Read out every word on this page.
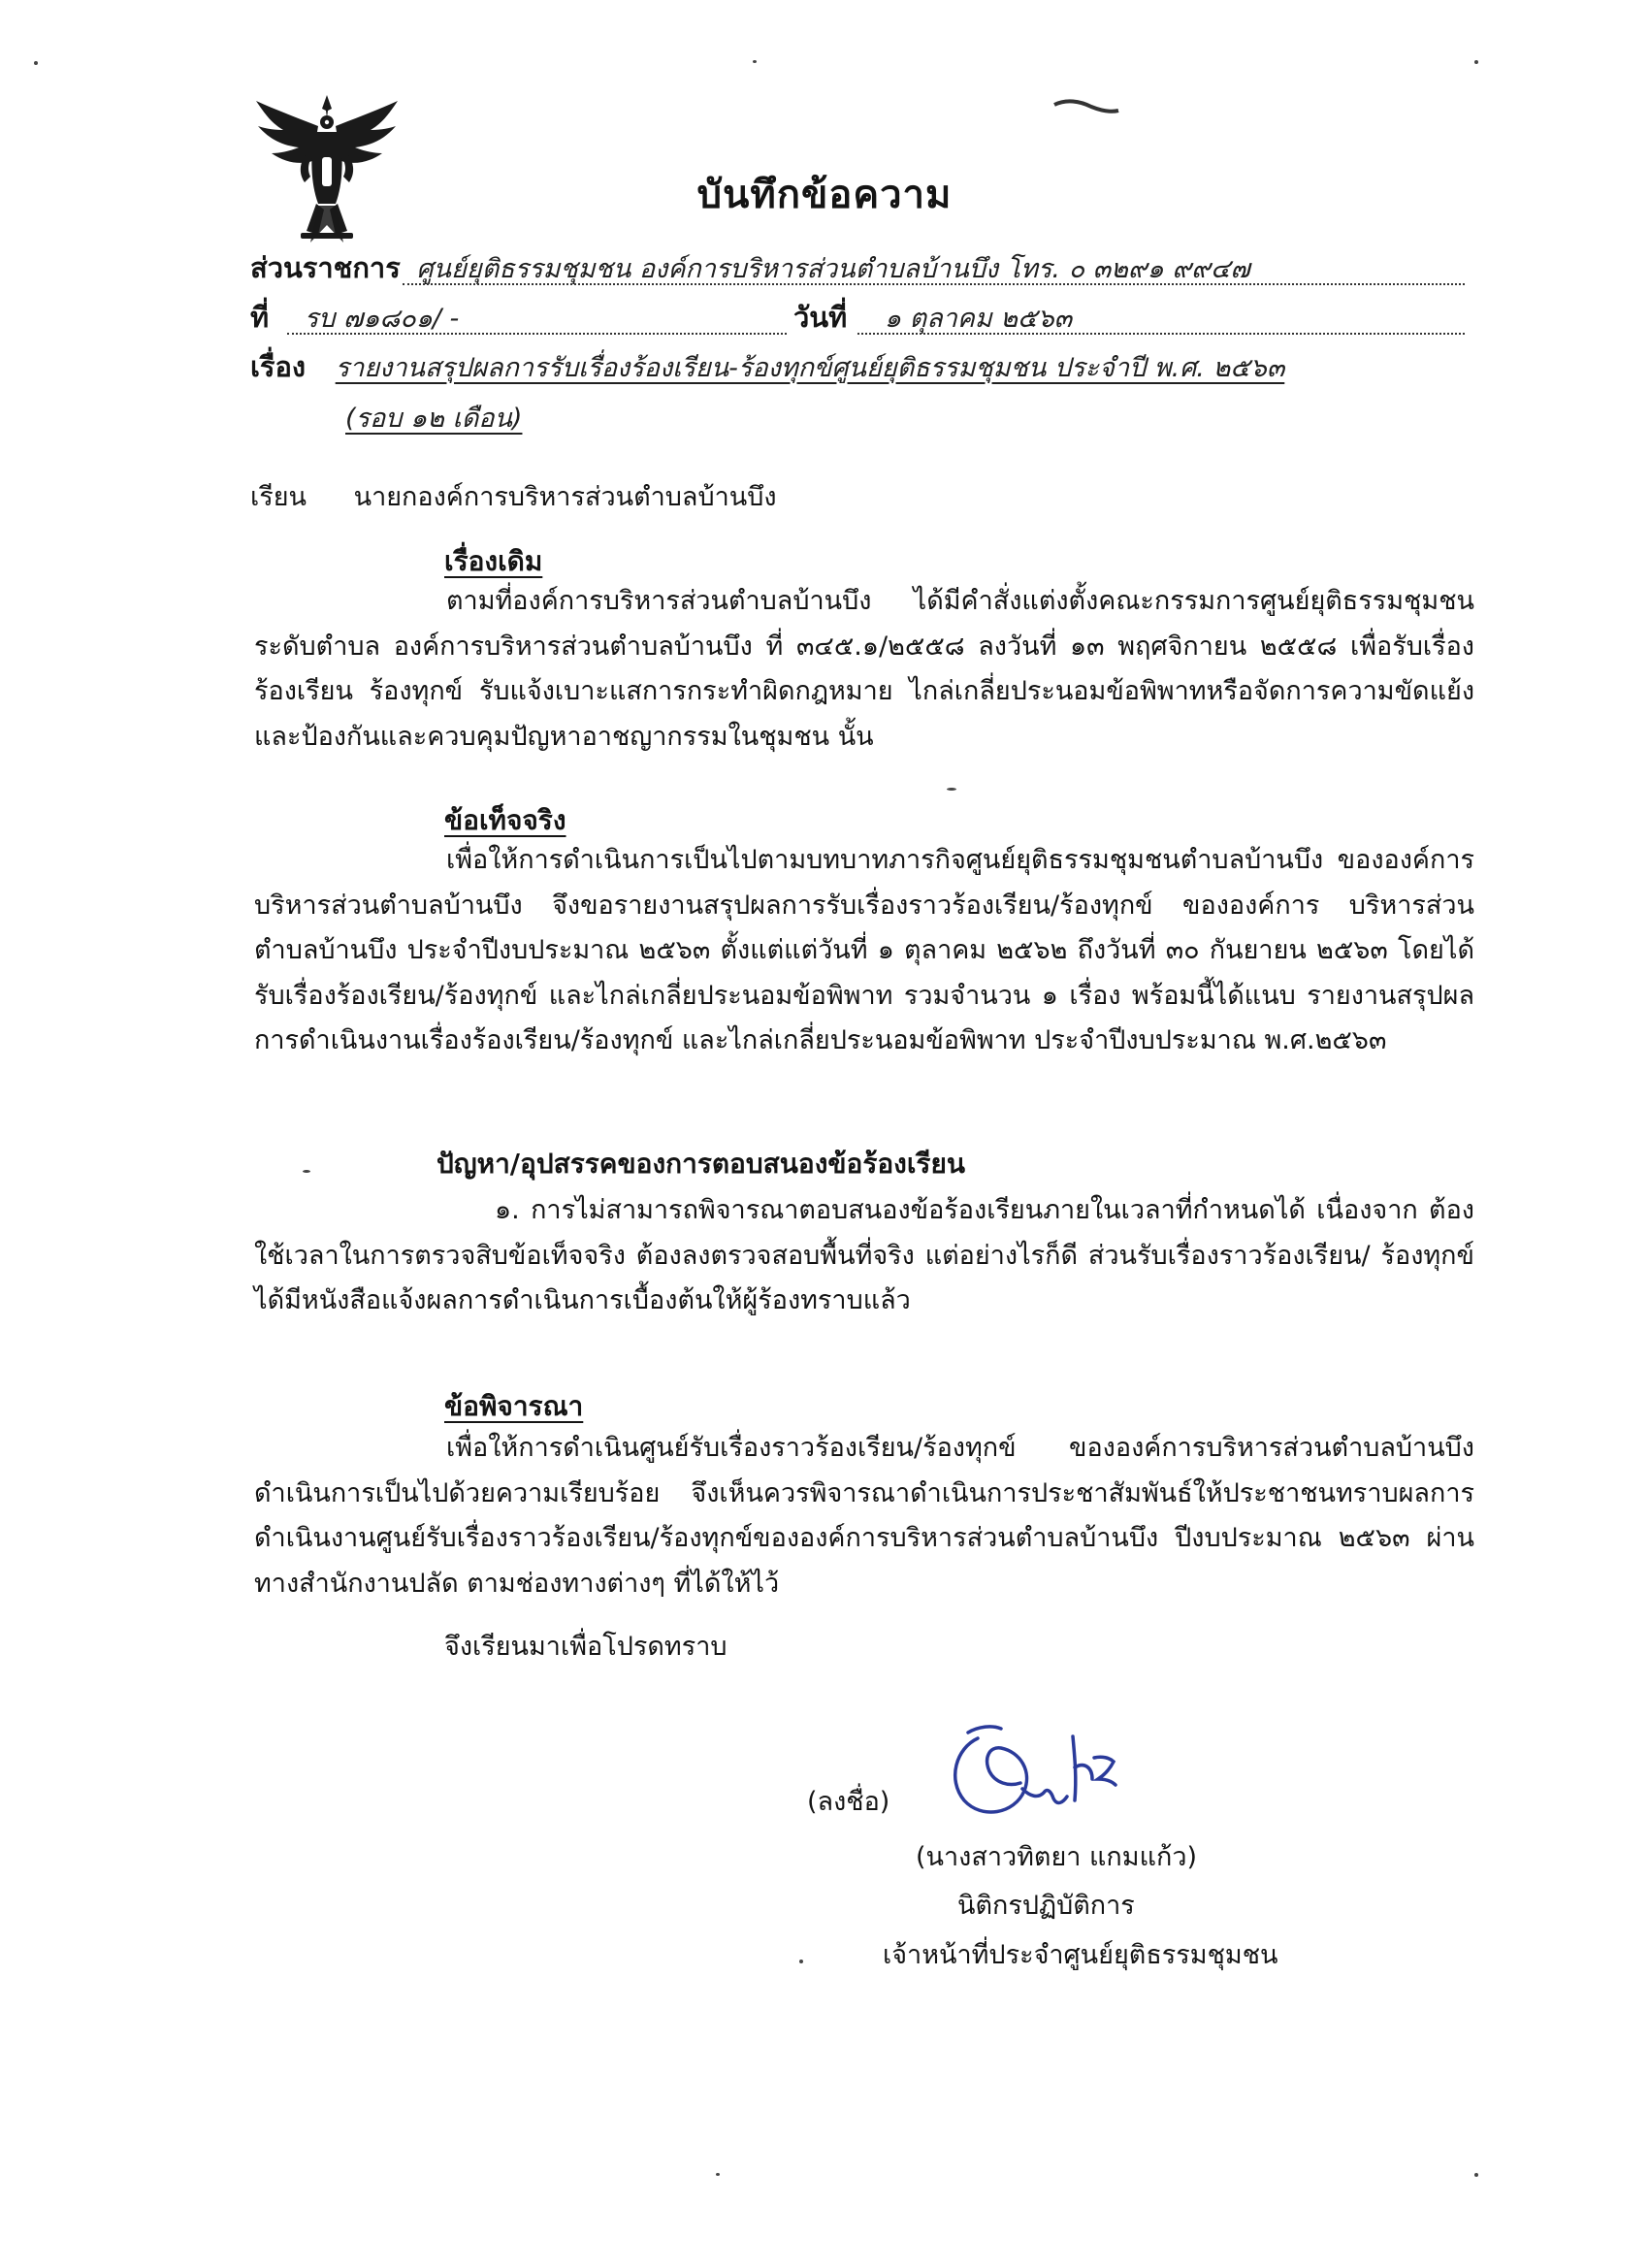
บันทึกข้อความ
ส่วนราชการ ศูนย์ยุติธรรมชุมชน องค์การบริหารส่วนตำบลบ้านบึง โทร. ๐ ๓๒๙๑ ๙๙๔๗
ที่ รบ ๗๑๘๐๑/ -	วันที่ ๑ ตุลาคม ๒๕๖๓
เรื่อง รายงานสรุปผลการรับเรื่องร้องเรียน-ร้องทุกข์ศูนย์ยุติธรรมชุมชน ประจำปี พ.ศ. ๒๕๖๓
(รอบ ๑๒ เดือน)
เรียน นายกองค์การบริหารส่วนตำบลบ้านบึง
เรื่องเดิม
ตามที่องค์การบริหารส่วนตำบลบ้านบึง ได้มีคำสั่งแต่งตั้งคณะกรรมการศูนย์ยุติธรรมชุมชน ระดับตำบล องค์การบริหารส่วนตำบลบ้านบึง ที่ ๓๔๕.๑/๒๕๕๘ ลงวันที่ ๑๓ พฤศจิกายน ๒๕๕๘ เพื่อรับเรื่อง ร้องเรียน ร้องทุกข์ รับแจ้งเบาะแสการกระทำผิดกฎหมาย ไกล่เกลี่ยประนอมข้อพิพาทหรือจัดการความขัดแย้ง และป้องกันและควบคุมปัญหาอาชญากรรมในชุมชน นั้น
ข้อเท็จจริง
เพื่อให้การดำเนินการเป็นไปตามบทบาทภารกิจศูนย์ยุติธรรมชุมชนตำบลบ้านบึง ขององค์การบริหารส่วนตำบลบ้านบึง จึงขอรายงานสรุปผลการรับเรื่องราวร้องเรียน/ร้องทุกข์ ขององค์การ บริหารส่วนตำบลบ้านบึง ประจำปีงบประมาณ ๒๕๖๓ ตั้งแต่แต่วันที่ ๑ ตุลาคม ๒๕๖๒ ถึงวันที่ ๓๐ กันยายน ๒๕๖๓ โดยได้รับเรื่องร้องเรียน/ร้องทุกข์ และไกล่เกลี่ยประนอมข้อพิพาท รวมจำนวน ๑ เรื่อง พร้อมนี้ได้แนบ รายงานสรุปผลการดำเนินงานเรื่องร้องเรียน/ร้องทุกข์ และไกล่เกลี่ยประนอมข้อพิพาท ประจำปีงบประมาณ พ.ศ.๒๕๖๓
ปัญหา/อุปสรรคของการตอบสนองข้อร้องเรียน
๑. การไม่สามารถพิจารณาตอบสนองข้อร้องเรียนภายในเวลาที่กำหนดได้ เนื่องจาก ต้องใช้เวลาในการตรวจสิบข้อเท็จจริง ต้องลงตรวจสอบพื้นที่จริง แต่อย่างไรก็ดี ส่วนรับเรื่องราวร้องเรียน/ ร้องทุกข์ ได้มีหนังสือแจ้งผลการดำเนินการเบื้องต้นให้ผู้ร้องทราบแล้ว
ข้อพิจารณา
เพื่อให้การดำเนินศูนย์รับเรื่องราวร้องเรียน/ร้องทุกข์ ขององค์การบริหารส่วนตำบลบ้านบึง ดำเนินการเป็นไปด้วยความเรียบร้อย จึงเห็นควรพิจารณาดำเนินการประชาสัมพันธ์ให้ประชาชนทราบผลการ ดำเนินงานศูนย์รับเรื่องราวร้องเรียน/ร้องทุกข์ขององค์การบริหารส่วนตำบลบ้านบึง ปีงบประมาณ ๒๕๖๓ ผ่าน ทางสำนักงานปลัด ตามช่องทางต่างๆ ที่ได้ให้ไว้
จึงเรียนมาเพื่อโปรดทราบ
(ลงชื่อ)
(นางสาวทิตยา แกมแก้ว)
นิติกรปฏิบัติการ
เจ้าหน้าที่ประจำศูนย์ยุติธรรมชุมชน
